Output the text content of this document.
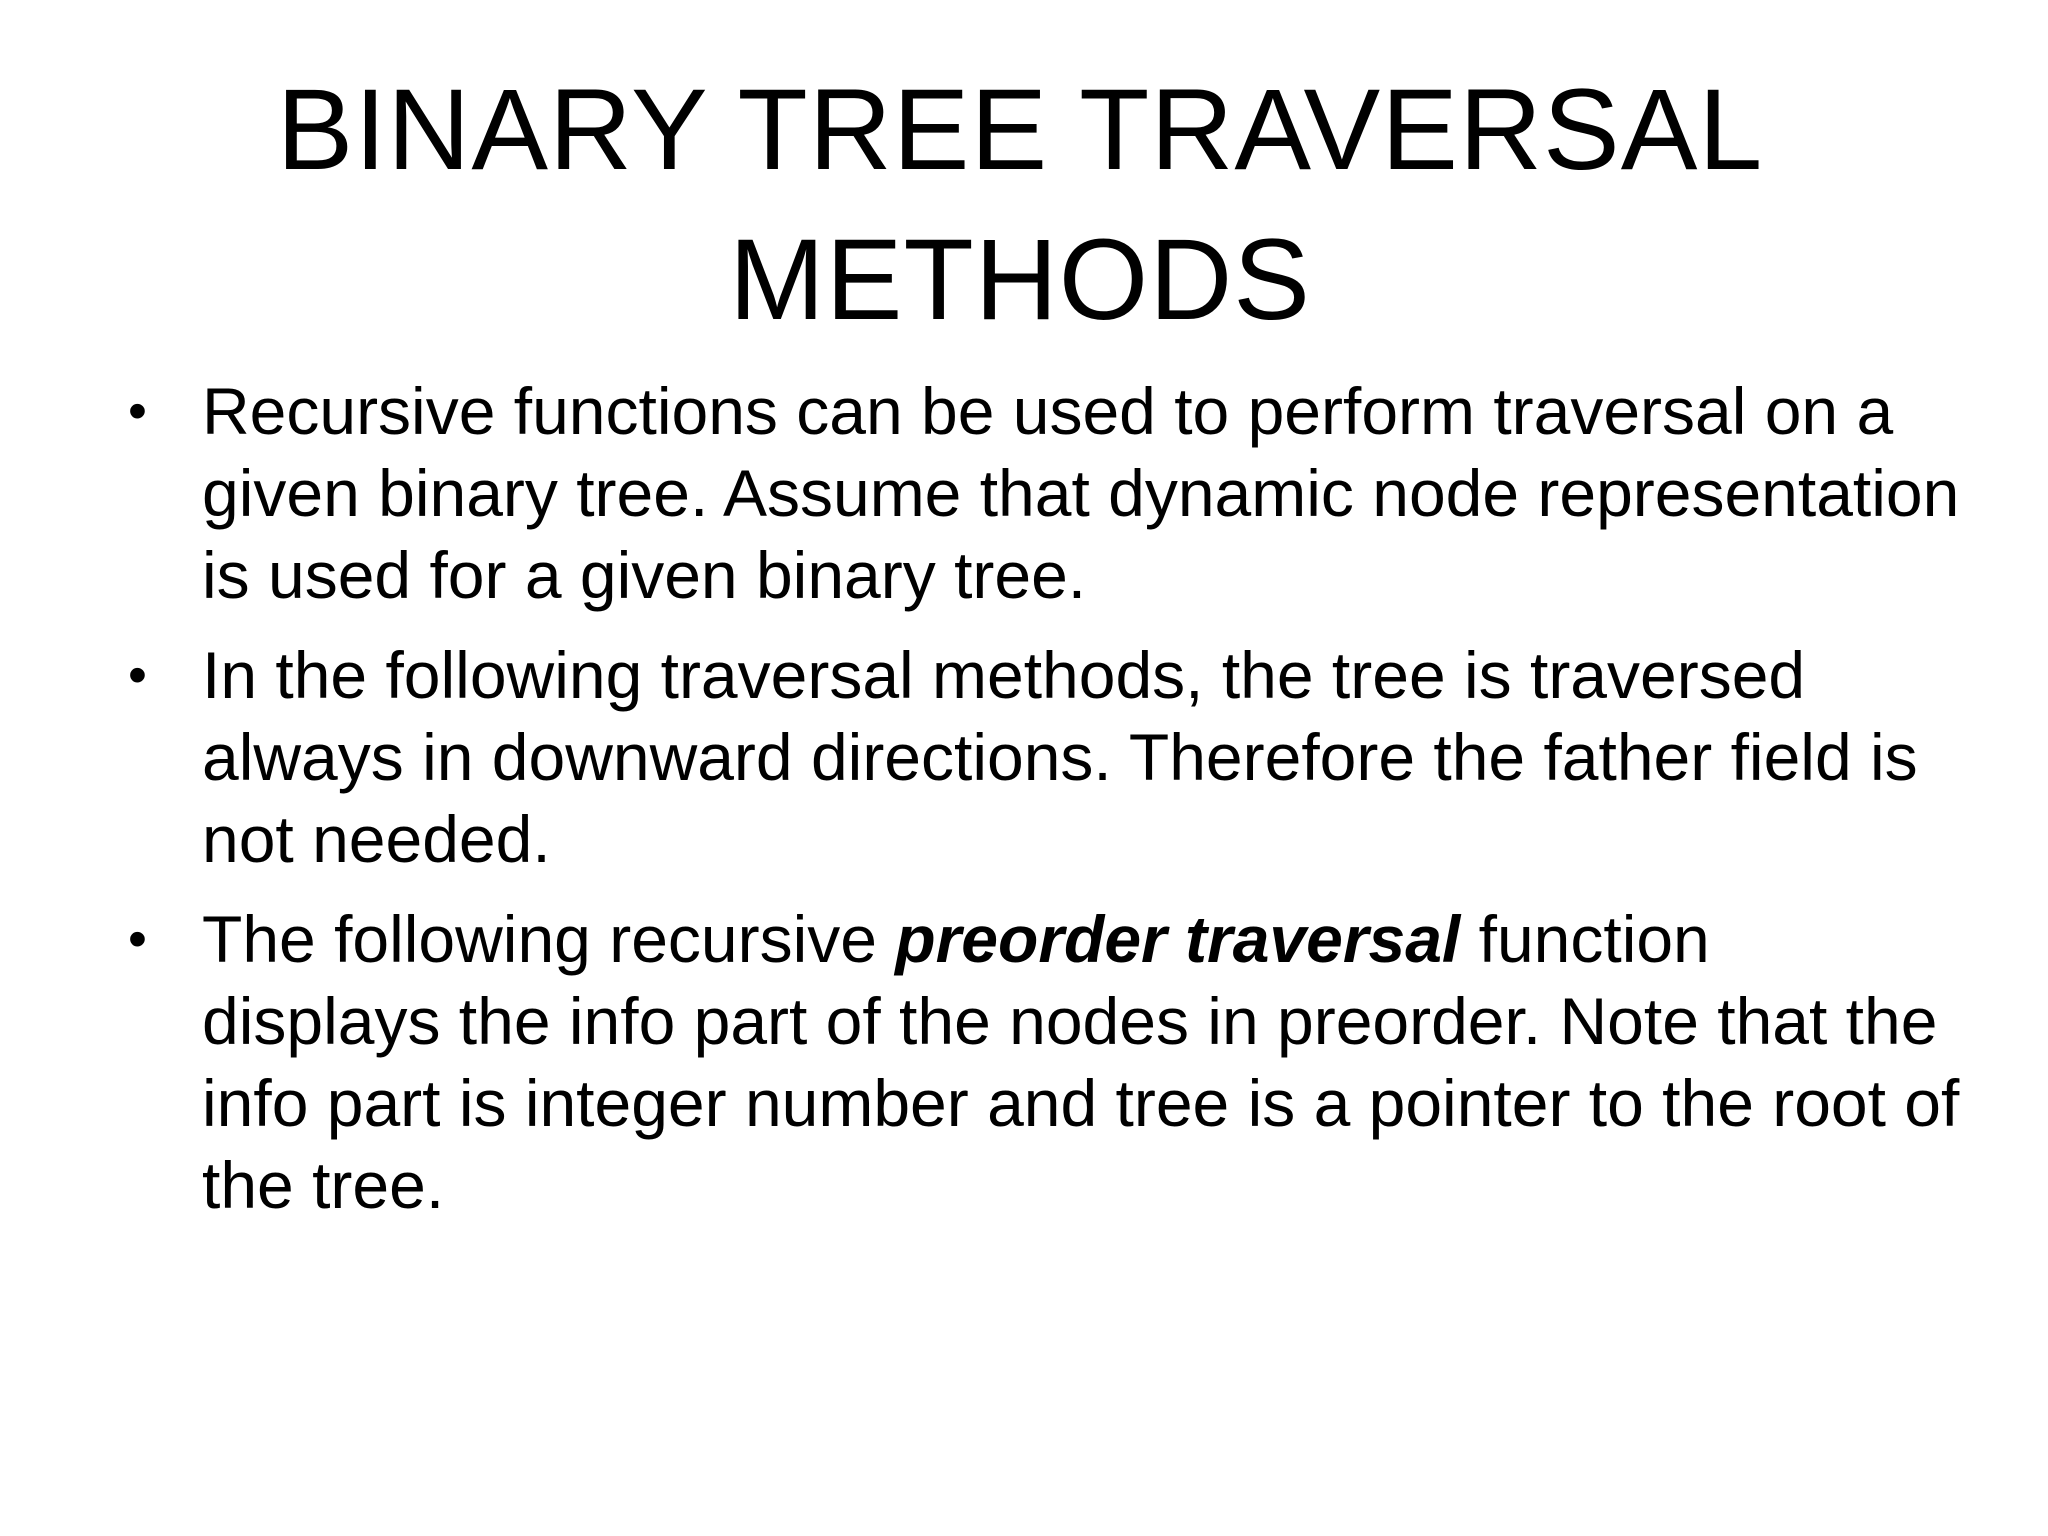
BINARY TREE TRAVERSAL
METHODS
• Recursive functions can be used to perform traversal on a given binary tree. Assume that dynamic node representation is used for a given binary tree.
• In the following traversal methods, the tree is traversed always in downward directions. Therefore the father field is not needed.
• The following recursive preorder traversal function displays the info part of the nodes in preorder. Note that the info part is integer number and tree is a pointer to the root of the tree.
